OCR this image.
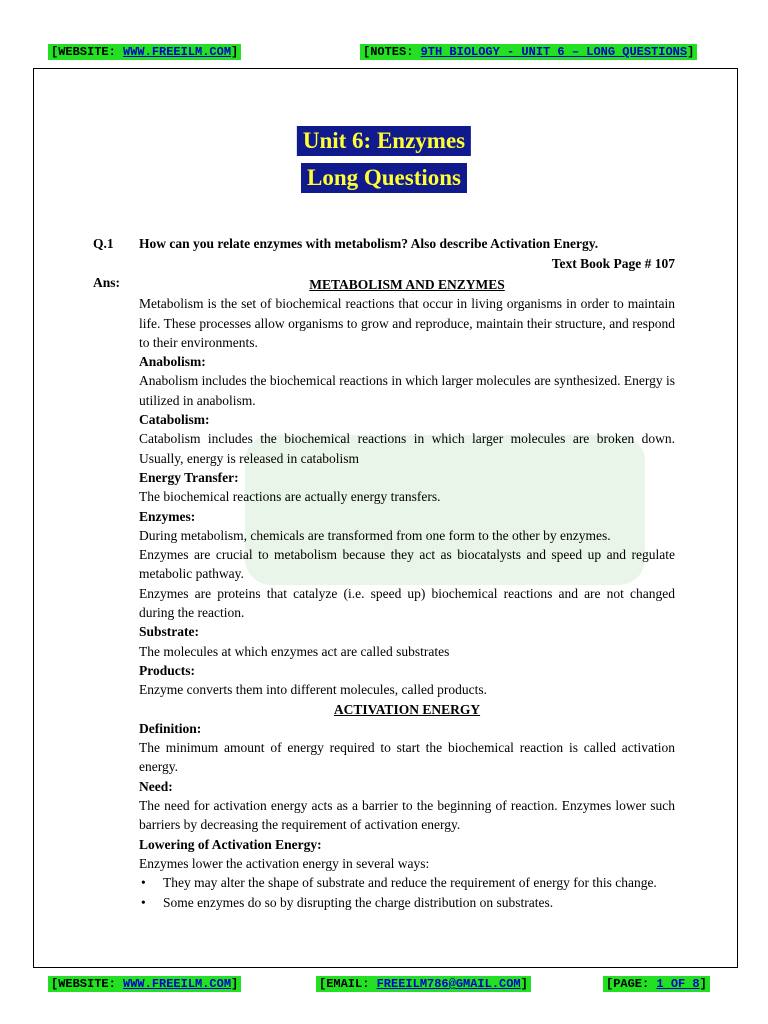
[WEBSITE: WWW.FREEILM.COM]	[NOTES: 9TH BIOLOGY - UNIT 6 – LONG QUESTIONS]
Unit 6: Enzymes
Long Questions
Q.1 How can you relate enzymes with metabolism? Also describe Activation Energy.
Text Book Page # 107
Ans:	METABOLISM AND ENZYMES

Metabolism is the set of biochemical reactions that occur in living organisms in order to maintain life. These processes allow organisms to grow and reproduce, maintain their structure, and respond to their environments.

Anabolism:

Anabolism includes the biochemical reactions in which larger molecules are synthesized. Energy is utilized in anabolism.

Catabolism:

Catabolism includes the biochemical reactions in which larger molecules are broken down. Usually, energy is released in catabolism

Energy Transfer:

The biochemical reactions are actually energy transfers.

Enzymes:

During metabolism, chemicals are transformed from one form to the other by enzymes.

Enzymes are crucial to metabolism because they act as biocatalysts and speed up and regulate metabolic pathway.

Enzymes are proteins that catalyze (i.e. speed up) biochemical reactions and are not changed during the reaction.

Substrate:

The molecules at which enzymes act are called substrates

Products:

Enzyme converts them into different molecules, called products.

ACTIVATION ENERGY

Definition:

The minimum amount of energy required to start the biochemical reaction is called activation energy.

Need:

The need for activation energy acts as a barrier to the beginning of reaction. Enzymes lower such barriers by decreasing the requirement of activation energy.

Lowering of Activation Energy:

Enzymes lower the activation energy in several ways:

• They may alter the shape of substrate and reduce the requirement of energy for this change.
• Some enzymes do so by disrupting the charge distribution on substrates.
[WEBSITE: WWW.FREEILM.COM]	[EMAIL: FREEILM786@GMAIL.COM]	[PAGE: 1 OF 8]
